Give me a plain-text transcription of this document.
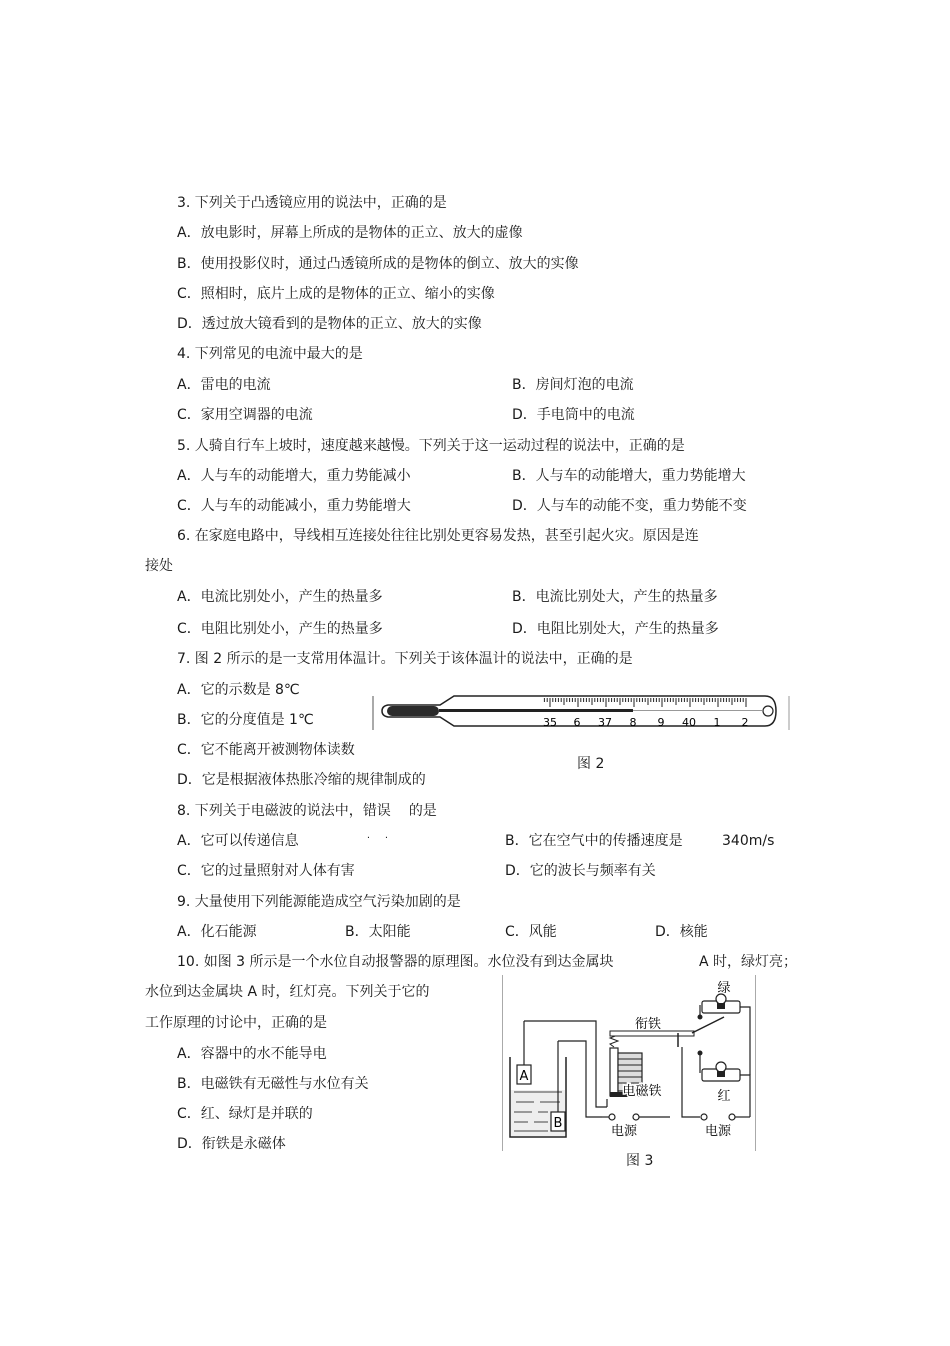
3. 下列关于凸透镜应用的说法中，正确的是
A．放电影时，屏幕上所成的是物体的正立、放大的虚像
B．使用投影仪时，通过凸透镜所成的是物体的倒立、放大的实像
C．照相时，底片上成的是物体的正立、缩小的实像
D．透过放大镜看到的是物体的正立、放大的实像
4. 下列常见的电流中最大的是
A．雷电的电流	B．房间灯泡的电流
C．家用空调器的电流	D．手电筒中的电流
5. 人骑自行车上坡时，速度越来越慢。下列关于这一运动过程的说法中，正确的是
A．人与车的动能增大，重力势能减小	B．人与车的动能增大，重力势能增大
C．人与车的动能减小，重力势能增大	D．人与车的动能不变，重力势能不变
6. 在家庭电路中，导线相互连接处往往比别处更容易发热，甚至引起火灾。原因是连
接处
A．电流比别处小，产生的热量多	B．电流比别处大，产生的热量多
C．电阻比别处小，产生的热量多	D．电阻比别处大，产生的热量多
7. 图 2 所示的是一支常用体温计。下列关于该体温计的说法中，正确的是
A．它的示数是 8℃
B．它的分度值是 1℃
C．它不能离开被测物体读数
D．它是根据液体热胀冷缩的规律制成的
35 6 37 8 9 40 1 2
图 2
8. 下列关于电磁波的说法中，错误
. .
的是
A．它可以传递信息	B．它在空气中的传播速度是	340m/s
C．它的过量照射对人体有害	D．它的波长与频率有关
9. 大量使用下列能源能造成空气污染加剧的是
A．化石能源	B．太阳能	C．风能	D．核能
10. 如图 3 所示是一个水位自动报警器的原理图。水位没有到达金属块	A 时，绿灯亮；
水位到达金属块 A 时，红灯亮。下列关于它的
工作原理的讨论中，正确的是
A．容器中的水不能导电
B．电磁铁有无磁性与水位有关
C．红、绿灯是并联的
D．衔铁是永磁体
A
B
绿
红
衔铁
电磁铁
电源	电源
图 3
